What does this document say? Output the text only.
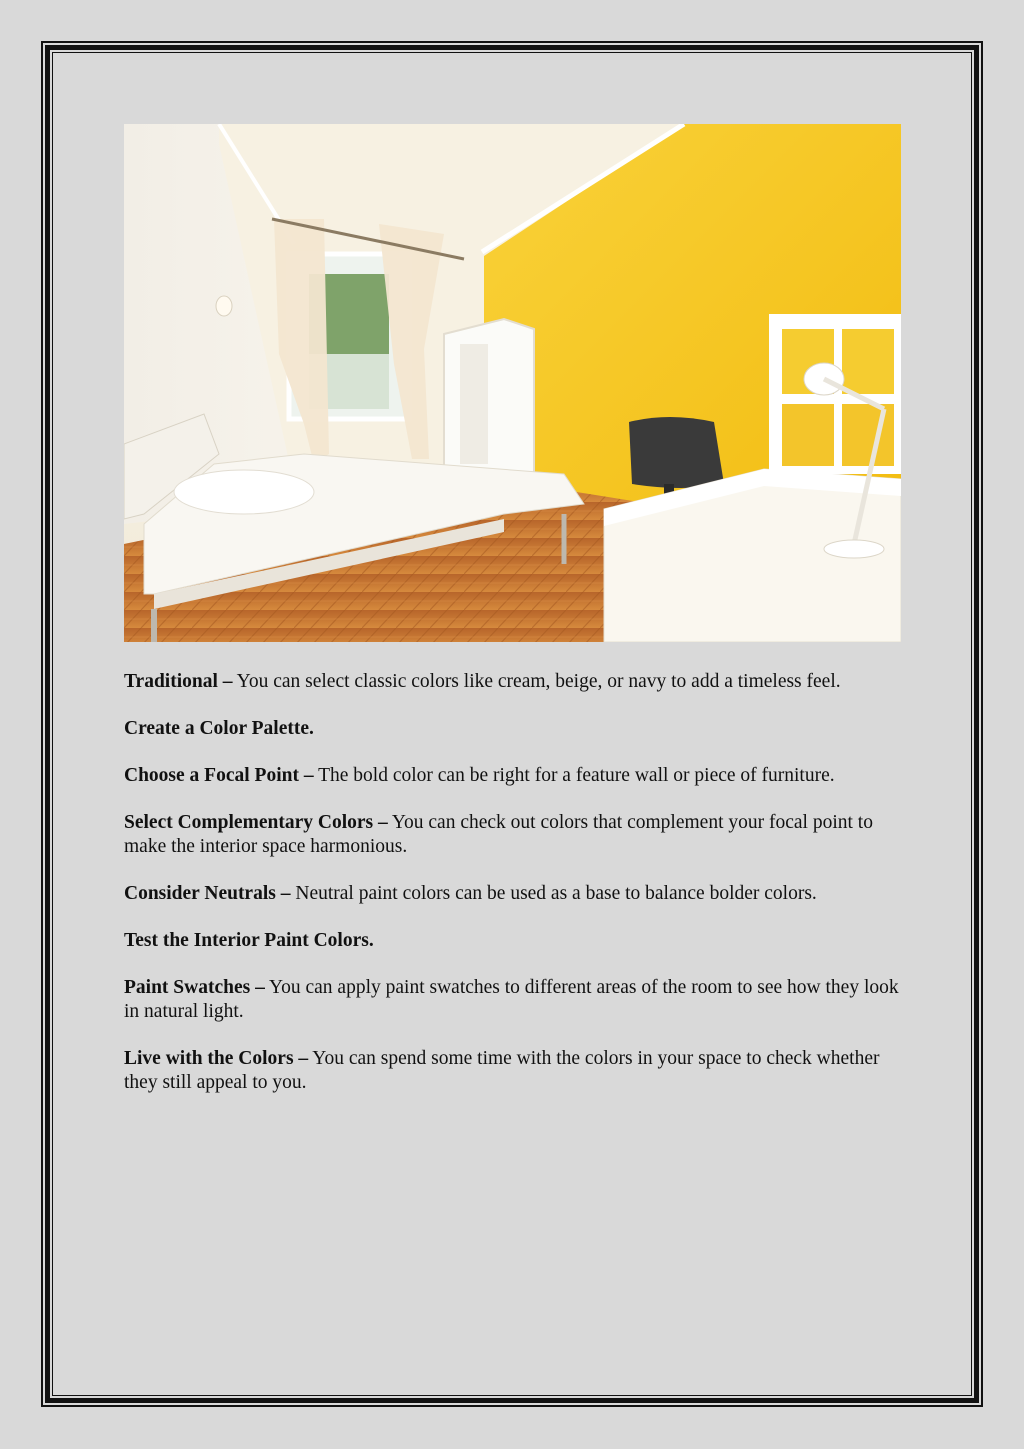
Traditional – You can select classic colors like cream, beige, or navy to add a timeless feel.

Create a Color Palette.

Choose a Focal Point – The bold color can be right for a feature wall or piece of furniture.

Select Complementary Colors – You can check out colors that complement your focal point to make the interior space harmonious.

Consider Neutrals – Neutral paint colors can be used as a base to balance bolder colors.

Test the Interior Paint Colors.

Paint Swatches – You can apply paint swatches to different areas of the room to see how they look in natural light.

Live with the Colors – You can spend some time with the colors in your space to check whether they still appeal to you.
